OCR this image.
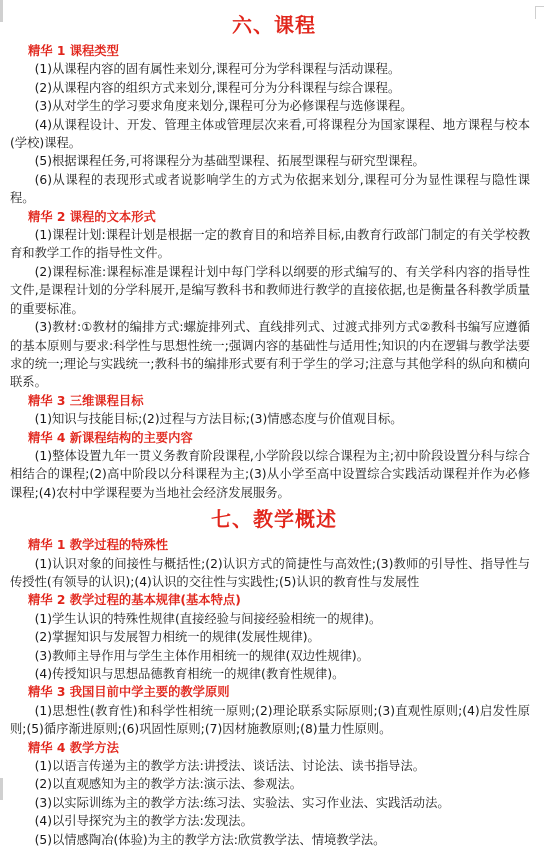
六、课程
精华 1 课程类型

(1)从课程内容的固有属性来划分,课程可分为学科课程与活动课程。

(2)从课程内容的组织方式来划分,课程可分为分科课程与综合课程。

(3)从对学生的学习要求角度来划分,课程可分为必修课程与选修课程。

(4)从课程设计、开发、管理主体或管理层次来看,可将课程分为国家课程、地方课程与校本(学校)课程。

(5)根据课程任务,可将课程分为基础型课程、拓展型课程与研究型课程。

(6)从课程的表现形式或者说影响学生的方式为依据来划分,课程可分为显性课程与隐性课程。

精华 2 课程的文本形式

(1)课程计划:课程计划是根据一定的教育目的和培养目标,由教育行政部门制定的有关学校教育和教学工作的指导性文件。

(2)课程标准:课程标准是课程计划中每门学科以纲要的形式编写的、有关学科内容的指导性文件,是课程计划的分学科展开,是编写教科书和教师进行教学的直接依据,也是衡量各科教学质量的重要标准。

(3)教材:①教材的编排方式:螺旋排列式、直线排列式、过渡式排列方式②教科书编写应遵循的基本原则与要求:科学性与思想性统一;强调内容的基础性与适用性;知识的内在逻辑与教学法要求的统一;理论与实践统一;教科书的编排形式要有利于学生的学习;注意与其他学科的纵向和横向联系。

精华 3 三维课程目标

(1)知识与技能目标;(2)过程与方法目标;(3)情感态度与价值观目标。

精华 4 新课程结构的主要内容

(1)整体设置九年一贯义务教育阶段课程,小学阶段以综合课程为主;初中阶段设置分科与综合相结合的课程;(2)高中阶段以分科课程为主;(3)从小学至高中设置综合实践活动课程并作为必修课程;(4)农村中学课程要为当地社会经济发展服务。

七、教学概述
精华 1 教学过程的特殊性

(1)认识对象的间接性与概括性;(2)认识方式的简捷性与高效性;(3)教师的引导性、指导性与传授性(有领导的认识);(4)认识的交往性与实践性;(5)认识的教育性与发展性

精华 2 教学过程的基本规律(基本特点)

(1)学生认识的特殊性规律(直接经验与间接经验相统一的规律)。

(2)掌握知识与发展智力相统一的规律(发展性规律)。

(3)教师主导作用与学生主体作用相统一的规律(双边性规律)。

(4)传授知识与思想品德教育相统一的规律(教育性规律)。

精华 3 我国目前中学主要的教学原则

(1)思想性(教育性)和科学性相统一原则;(2)理论联系实际原则;(3)直观性原则;(4)启发性原则;(5)循序渐进原则;(6)巩固性原则;(7)因材施教原则;(8)量力性原则。

精华 4 教学方法

(1)以语言传递为主的教学方法:讲授法、谈话法、讨论法、读书指导法。

(2)以直观感知为主的教学方法:演示法、参观法。

(3)以实际训练为主的教学方法:练习法、实验法、实习作业法、实践活动法。

(4)以引导探究为主的教学方法:发现法。

(5)以情感陶冶(体验)为主的教学方法:欣赏教学法、情境教学法。
